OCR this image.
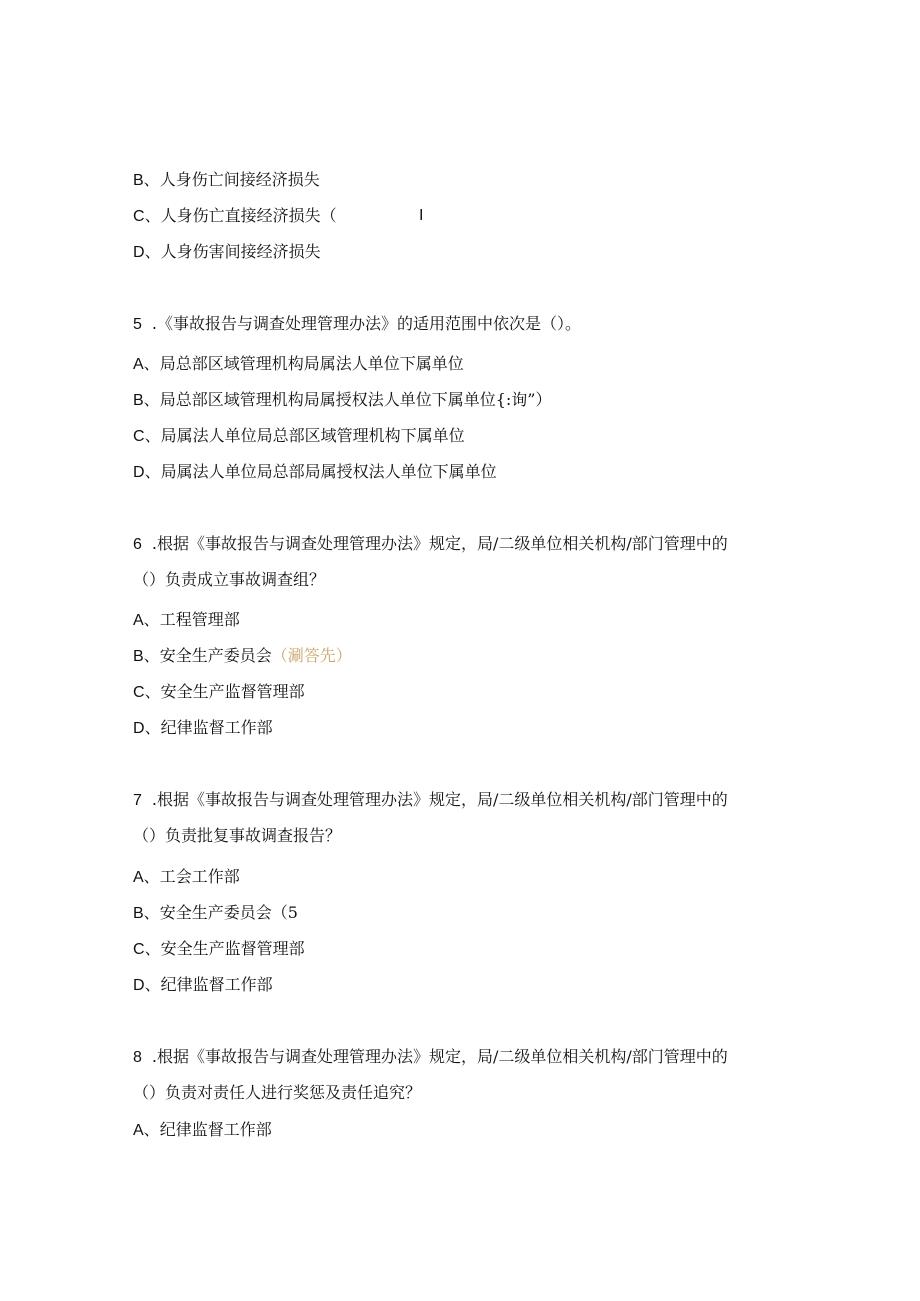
B、人身伤亡间接经济损失
C、人身伤亡直接经济损失（	I
D、人身伤害间接经济损失
5 .《事故报告与调查处理管理办法》的适用范围中依次是（）。
A、局总部区域管理机构局属法人单位下属单位
B、局总部区域管理机构局属授权法人单位下属单位{:询”）
C、局属法人单位局总部区域管理机构下属单位
D、局属法人单位局总部局属授权法人单位下属单位
6 .根据《事故报告与调查处理管理办法》规定，局/二级单位相关机构/部门管理中的
（）负责成立事故调查组？
A、工程管理部
B、安全生产委员会（涮答先）
C、安全生产监督管理部
D、纪律监督工作部
7 .根据《事故报告与调查处理管理办法》规定，局/二级单位相关机构/部门管理中的
（）负责批复事故调查报告？
A、工会工作部
B、安全生产委员会（5
C、安全生产监督管理部
D、纪律监督工作部
8 .根据《事故报告与调查处理管理办法》规定，局/二级单位相关机构/部门管理中的
（）负责对责任人进行奖惩及责任追究？
A、纪律监督工作部
